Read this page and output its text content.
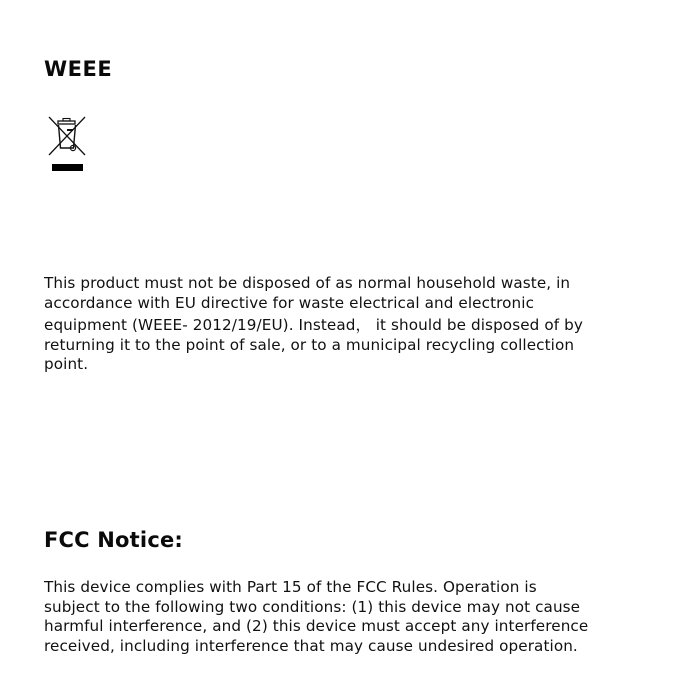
WEEE
This product must not be disposed of as normal household waste, in
accordance with EU directive for waste electrical and electronic
equipment (WEEE- 2012/19/EU). Instead， it should be disposed of by
returning it to the point of sale, or to a municipal recycling collection
point.
FCC Notice:
This device complies with Part 15 of the FCC Rules. Operation is
subject to the following two conditions: (1) this device may not cause
harmful interference, and (2) this device must accept any interference
received, including interference that may cause undesired operation.
